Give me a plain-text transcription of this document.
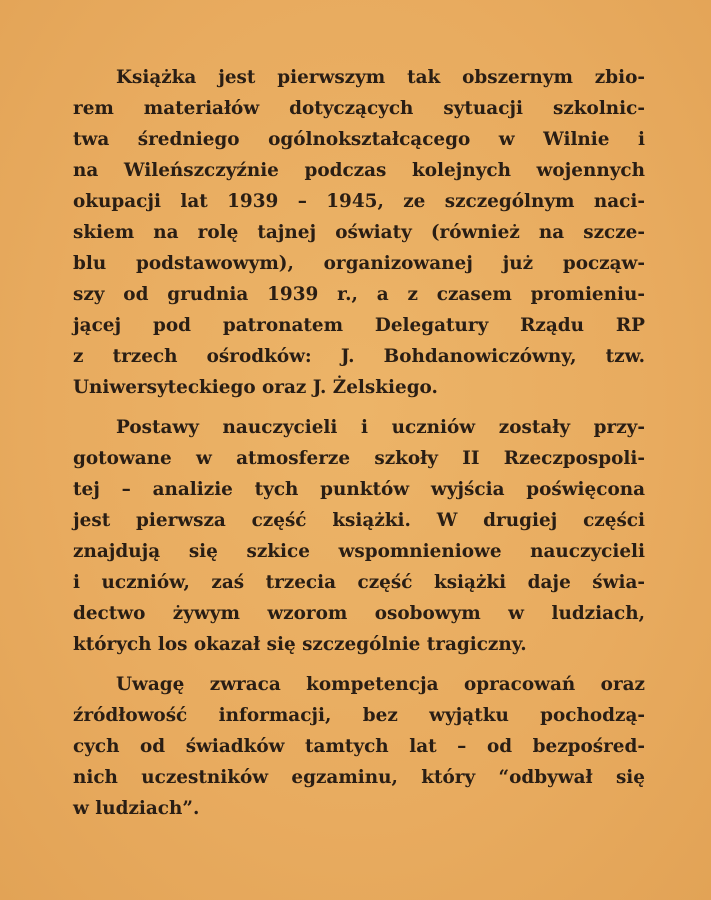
Książka jest pierwszym tak obszernym zbio-
rem materiałów dotyczących sytuacji szkolnic-
twa średniego ogólnokształcącego w Wilnie i
na Wileńszczyźnie podczas kolejnych wojennych
okupacji lat 1939 – 1945, ze szczególnym naci-
skiem na rolę tajnej oświaty (również na szcze-
blu podstawowym), organizowanej już począw-
szy od grudnia 1939 r., a z czasem promieniu-
jącej pod patronatem Delegatury Rządu RP
z trzech ośrodków: J. Bohdanowiczówny, tzw.
Uniwersyteckiego oraz J. Żelskiego.
Postawy nauczycieli i uczniów zostały przy-
gotowane w atmosferze szkoły II Rzeczpospoli-
tej – analizie tych punktów wyjścia poświęcona
jest pierwsza część książki. W drugiej części
znajdują się szkice wspomnieniowe nauczycieli
i uczniów, zaś trzecia część książki daje świa-
dectwo żywym wzorom osobowym w ludziach,
których los okazał się szczególnie tragiczny.
Uwagę zwraca kompetencja opracowań oraz
źródłowość informacji, bez wyjątku pochodzą-
cych od świadków tamtych lat – od bezpośred-
nich uczestników egzaminu, który “odbywał się
w ludziach”.
